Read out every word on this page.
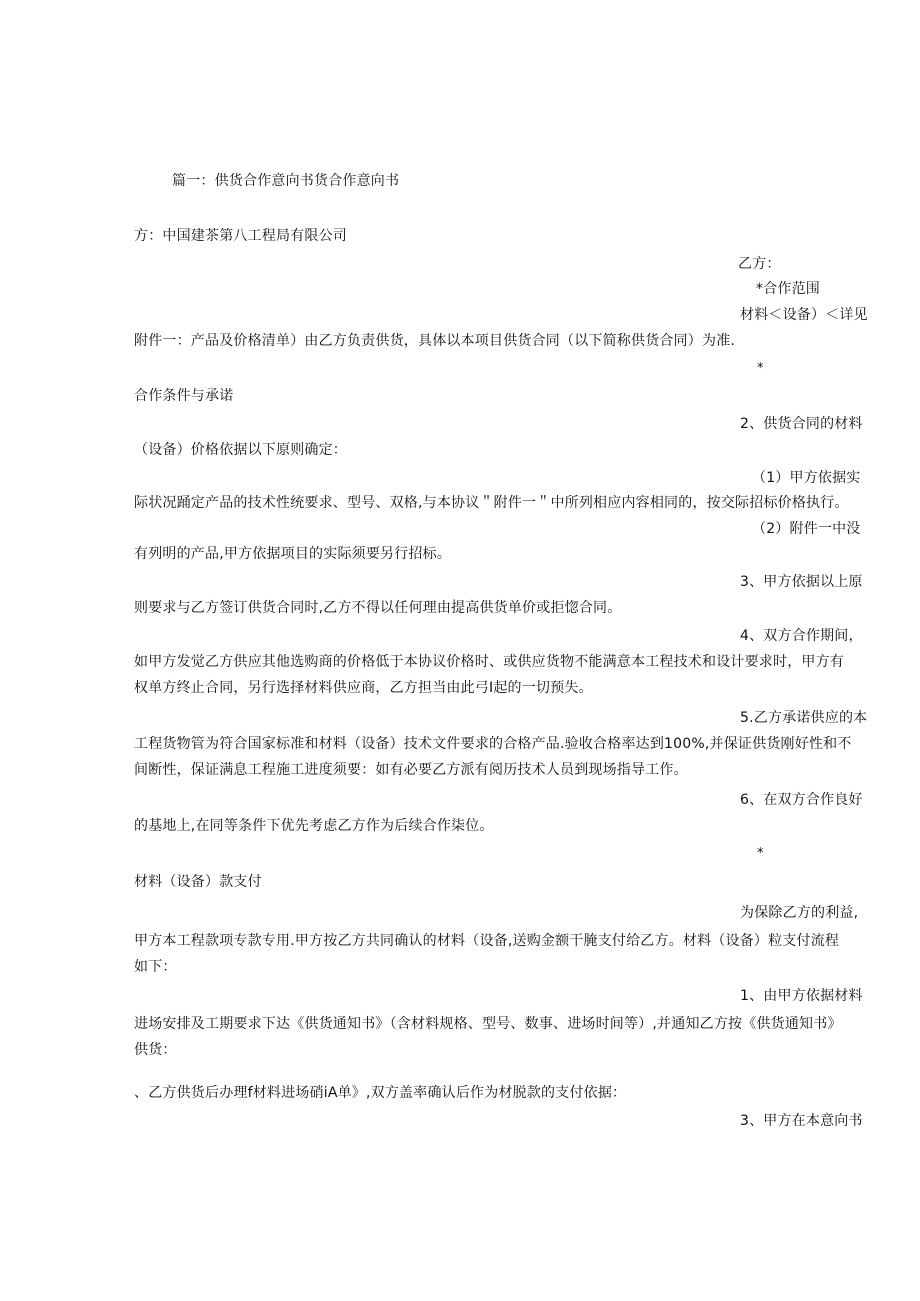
篇一：供货合作意向书货合作意向书
方：中国建茶第八工程局有限公司
乙方：
*合作范围
材料＜设备）＜详见
附件一：产品及价格清单）由乙方负责供货，具体以本项目供货合同（以下简称供货合同）为准.
*
合作条件与承诺
2、供货合同的材料
（设备）价格依据以下原则确定：
（1）甲方依据实
际状况踊定产品的技术性统要求、型号、双格,与本协议＂附件一＂中所列相应内容相同的，按交际招标价格执行。
（2）附件一中没
有列明的产品,甲方依据项目的实际须要另行招标。
3、甲方依据以上原
则要求与乙方签订供货合同时,乙方不得以任何理由提高供货单价或拒惚合同。
4、双方合作期间，
如甲方发觉乙方供应其他选购商的价格低于本协议价格时、或供应货物不能满意本工程技术和设计要求时，甲方有
权单方终止合同，另行选择材料供应商，乙方担当由此弓I起的一切预失。
5.乙方承诺供应的本
工程货物管为符合国家标准和材料（设备）技术文件要求的合格产品.验收合格率达到100%,并保证供货刚好性和不
间断性，保证满息工程施工进度须要：如有必要乙方派有阅历技术人员到现场指导工作。
6、在双方合作良好
的基地上,在同等条件下优先考虑乙方作为后续合作柒位。
*
材料（设备）款支付
为保除乙方的利益,
甲方本工程款项专款专用.甲方按乙方共同确认的材料（设备,送购金额干腌支付给乙方。材料（设备）粒支付流程
如下：
1、由甲方依据材料
进场安排及工期要求下达《供货通知书》（含材料规格、型号、数事、进场时间等）,并通知乙方按《供货通知书》
供货：
、乙方供货后办理f材料进场硝iA单》,双方盖率确认后作为材脱款的支付依据：
3、甲方在本意向书
